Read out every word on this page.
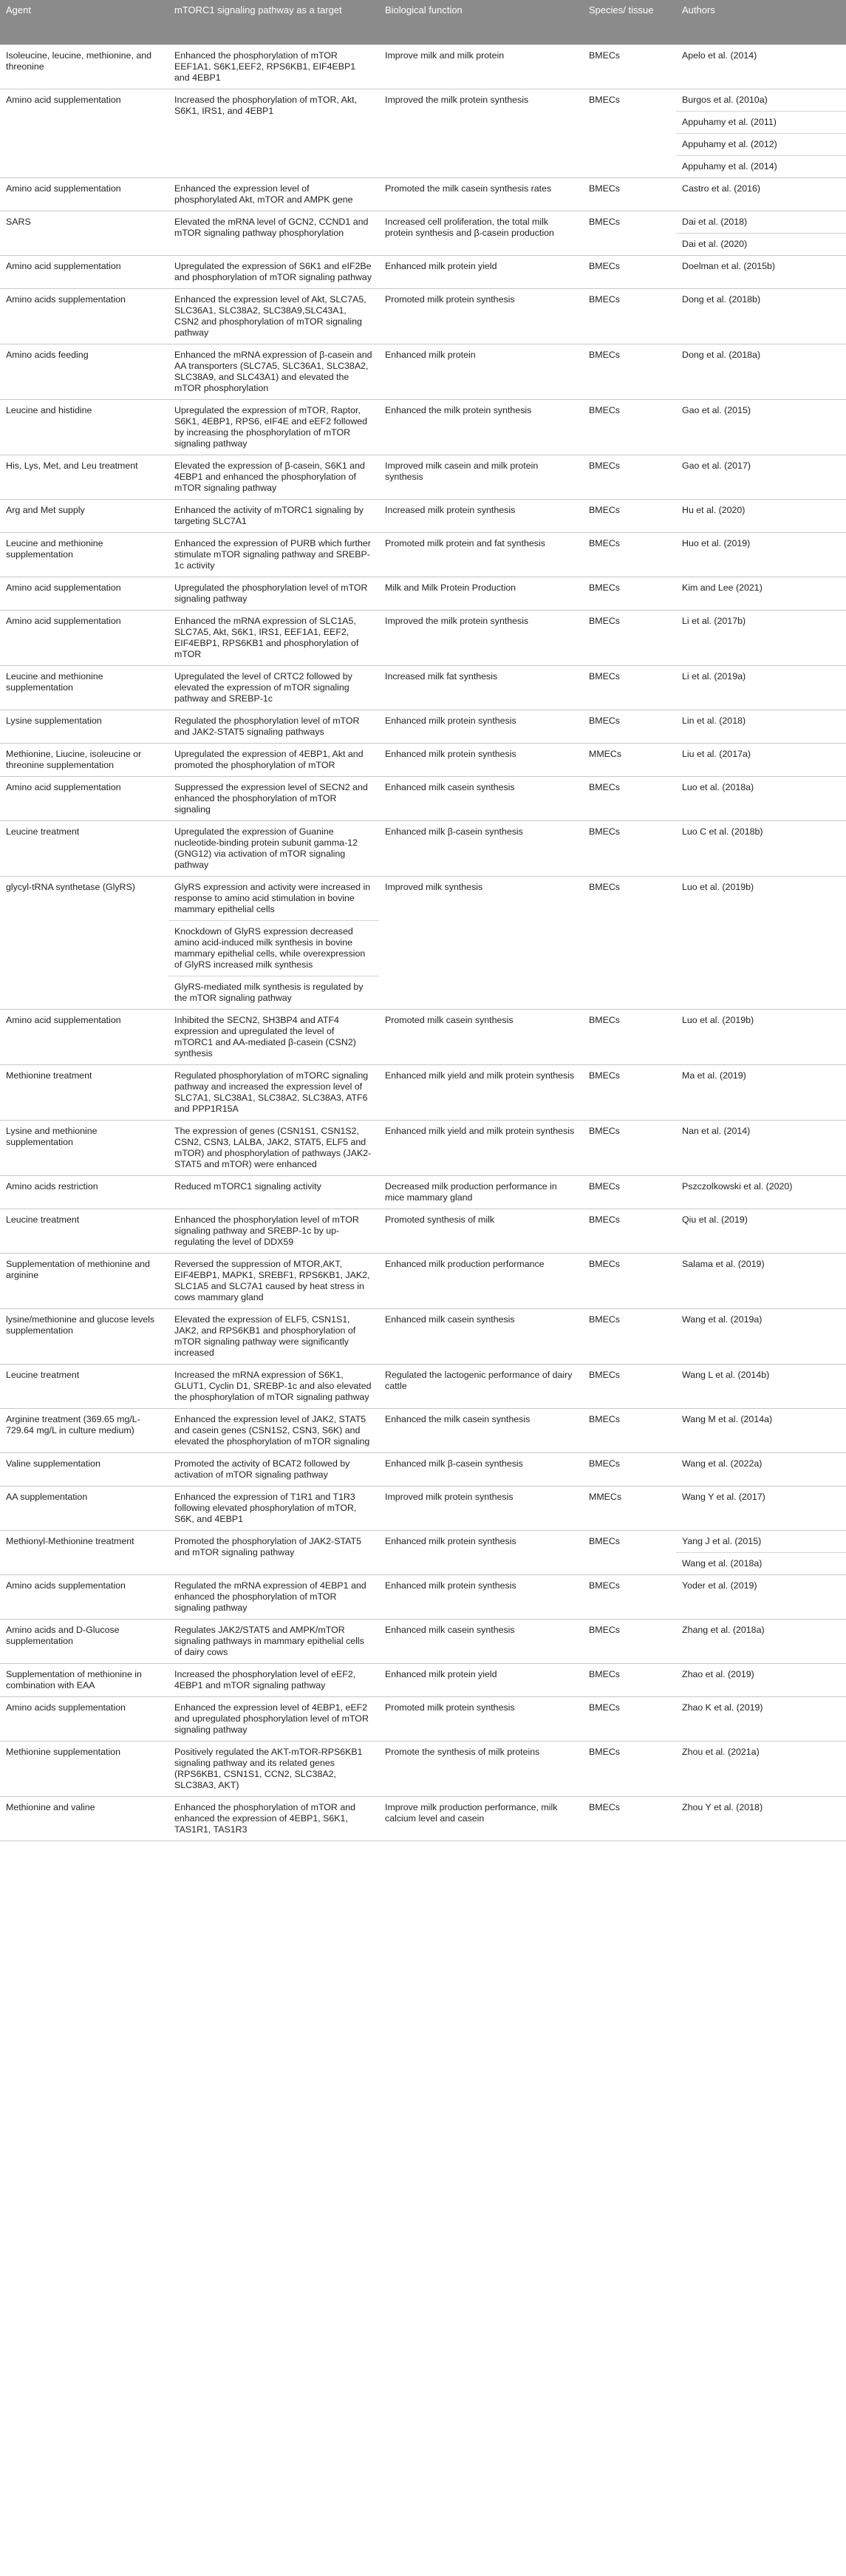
Agent	mTORC1 signaling pathway as a target	Biological function	Species/ tissue	Authors
Isoleucine, leucine, methionine, and threonine	Enhanced the phosphorylation of mTOR EEF1A1, S6K1,EEF2, RPS6KB1, EIF4EBP1 and 4EBP1	Improve milk and milk protein	BMECs	Apelo et al. (2014)
Amino acid supplementation	Increased the phosphorylation of mTOR, Akt, S6K1, IRS1, and 4EBP1	Improved the milk protein synthesis	BMECs	Burgos et al. (2010a)
				Appuhamy et al. (2011)
				Appuhamy et al. (2012)
				Appuhamy et al. (2014)
Amino acid supplementation	Enhanced the expression level of phosphorylated Akt, mTOR and AMPK gene	Promoted the milk casein synthesis rates	BMECs	Castro et al. (2016)
SARS	Elevated the mRNA level of GCN2, CCND1 and mTOR signaling pathway phosphorylation	Increased cell proliferation, the total milk protein synthesis and β-casein production	BMECs	Dai et al. (2018)
				Dai et al. (2020)
Amino acid supplementation	Upregulated the expression of S6K1 and eIF2Be and phosphorylation of mTOR signaling pathway	Enhanced milk protein yield	BMECs	Doelman et al. (2015b)
Amino acids supplementation	Enhanced the expression level of Akt, SLC7A5, SLC36A1, SLC38A2, SLC38A9,SLC43A1, CSN2 and phosphorylation of mTOR signaling pathway	Promoted milk protein synthesis	BMECs	Dong et al. (2018b)
Amino acids feeding	Enhanced the mRNA expression of β-casein and AA transporters (SLC7A5, SLC36A1, SLC38A2, SLC38A9, and SLC43A1) and elevated the mTOR phosphorylation	Enhanced milk protein	BMECs	Dong et al. (2018a)
Leucine and histidine	Upregulated the expression of mTOR, Raptor, S6K1, 4EBP1, RPS6, eIF4E and eEF2 followed by increasing the phosphorylation of mTOR signaling pathway	Enhanced the milk protein synthesis	BMECs	Gao et al. (2015)
His, Lys, Met, and Leu treatment	Elevated the expression of β-casein, S6K1 and 4EBP1 and enhanced the phosphorylation of mTOR signaling pathway	Improved milk casein and milk protein synthesis	BMECs	Gao et al. (2017)
Arg and Met supply	Enhanced the activity of mTORC1 signaling by targeting SLC7A1	Increased milk protein synthesis	BMECs	Hu et al. (2020)
Leucine and methionine supplementation	Enhanced the expression of PURB which further stimulate mTOR signaling pathway and SREBP-1c activity	Promoted milk protein and fat synthesis	BMECs	Huo et al. (2019)
Amino acid supplementation	Upregulated the phosphorylation level of mTOR signaling pathway	Milk and Milk Protein Production	BMECs	Kim and Lee (2021)
Amino acid supplementation	Enhanced the mRNA expression of SLC1A5, SLC7A5, Akt, S6K1, IRS1, EEF1A1, EEF2, EIF4EBP1, RPS6KB1 and phosphorylation of mTOR	Improved the milk protein synthesis	BMECs	Li et al. (2017b)
Leucine and methionine supplementation	Upregulated the level of CRTC2 followed by elevated the expression of mTOR signaling pathway and SREBP-1c	Increased milk fat synthesis	BMECs	Li et al. (2019a)
Lysine supplementation	Regulated the phosphorylation level of mTOR and JAK2-STAT5 signaling pathways	Enhanced milk protein synthesis	BMECs	Lin et al. (2018)
Methionine, Liucine, isoleucine or threonine supplementation	Upregulated the expression of 4EBP1, Akt and promoted the phosphorylation of mTOR	Enhanced milk protein synthesis	MMECs	Liu et al. (2017a)
Amino acid supplementation	Suppressed the expression level of SECN2 and enhanced the phosphorylation of mTOR signaling	Enhanced milk casein synthesis	BMECs	Luo et al. (2018a)
Leucine treatment	Upregulated the expression of Guanine nucleotide-binding protein subunit gamma-12 (GNG12) via activation of mTOR signaling pathway	Enhanced milk β-casein synthesis	BMECs	Luo C et al. (2018b)
glycyl-tRNA synthetase (GlyRS)	GlyRS expression and activity were increased in response to amino acid stimulation in bovine mammary epithelial cells	Improved milk synthesis	BMECs	Luo et al. (2019b)
	Knockdown of GlyRS expression decreased amino acid-induced milk synthesis in bovine mammary epithelial cells, while overexpression of GlyRS increased milk synthesis			
	GlyRS-mediated milk synthesis is regulated by the mTOR signaling pathway			
Amino acid supplementation	Inhibited the SECN2, SH3BP4 and ATF4 expression and upregulated the level of mTORC1 and AA-mediated β-casein (CSN2) synthesis	Promoted milk casein synthesis	BMECs	Luo et al. (2019b)
Methionine treatment	Regulated phosphorylation of mTORC signaling pathway and increased the expression level of SLC7A1, SLC38A1, SLC38A2, SLC38A3, ATF6 and PPP1R15A	Enhanced milk yield and milk protein synthesis	BMECs	Ma et al. (2019)
Lysine and methionine supplementation	The expression of genes (CSN1S1, CSN1S2, CSN2, CSN3, LALBA, JAK2, STAT5, ELF5 and mTOR) and phosphorylation of pathways (JAK2-STAT5 and mTOR) were enhanced	Enhanced milk yield and milk protein synthesis	BMECs	Nan et al. (2014)
Amino acids restriction	Reduced mTORC1 signaling activity	Decreased milk production performance in mice mammary gland	BMECs	Pszczolkowski et al. (2020)
Leucine treatment	Enhanced the phosphorylation level of mTOR signaling pathway and SREBP-1c by up-regulating the level of DDX59	Promoted synthesis of milk	BMECs	Qiu et al. (2019)
Supplementation of methionine and arginine	Reversed the suppression of MTOR,AKT, EIF4EBP1, MAPK1, SREBF1, RPS6KB1, JAK2, SLC1A5 and SLC7A1 caused by heat stress in cows mammary gland	Enhanced milk production performance	BMECs	Salama et al. (2019)
lysine/methionine and glucose levels supplementation	Elevated the expression of ELF5, CSN1S1, JAK2, and RPS6KB1 and phosphorylation of mTOR signaling pathway were significantly increased	Enhanced milk casein synthesis	BMECs	Wang et al. (2019a)
Leucine treatment	Increased the mRNA expression of S6K1, GLUT1, Cyclin D1, SREBP-1c and also elevated the phosphorylation of mTOR signaling pathway	Regulated the lactogenic performance of dairy cattle	BMECs	Wang L et al. (2014b)
Arginine treatment (369.65 mg/L-729.64 mg/L in culture medium)	Enhanced the expression level of JAK2, STAT5 and casein genes (CSN1S2, CSN3, S6K) and elevated the phosphorylation of mTOR signaling	Enhanced the milk casein synthesis	BMECs	Wang M et al. (2014a)
Valine supplementation	Promoted the activity of BCAT2 followed by activation of mTOR signaling pathway	Enhanced milk β-casein synthesis	BMECs	Wang et al. (2022a)
AA supplementation	Enhanced the expression of T1R1 and T1R3 following elevated phosphorylation of mTOR, S6K, and 4EBP1	Improved milk protein synthesis	MMECs	Wang Y et al. (2017)
Methionyl-Methionine treatment	Promoted the phosphorylation of JAK2-STAT5 and mTOR signaling pathway	Enhanced milk protein synthesis	BMECs	Yang J et al. (2015)
				Wang et al. (2018a)
Amino acids supplementation	Regulated the mRNA expression of 4EBP1 and enhanced the phosphorylation of mTOR signaling pathway	Enhanced milk protein synthesis	BMECs	Yoder et al. (2019)
Amino acids and D-Glucose supplementation	Regulates JAK2/STAT5 and AMPK/mTOR signaling pathways in mammary epithelial cells of dairy cows	Enhanced milk casein synthesis	BMECs	Zhang et al. (2018a)
Supplementation of methionine in combination with EAA	Increased the phosphorylation level of eEF2, 4EBP1 and mTOR signaling pathway	Enhanced milk protein yield	BMECs	Zhao et al. (2019)
Amino acids supplementation	Enhanced the expression level of 4EBP1, eEF2 and upregulated phosphorylation level of mTOR signaling pathway	Promoted milk protein synthesis	BMECs	Zhao K et al. (2019)
Methionine supplementation	Positively regulated the AKT-mTOR-RPS6KB1 signaling pathway and its related genes (RPS6KB1, CSN1S1, CCN2, SLC38A2, SLC38A3, AKT)	Promote the synthesis of milk proteins	BMECs	Zhou et al. (2021a)
Methionine and valine	Enhanced the phosphorylation of mTOR and enhanced the expression of 4EBP1, S6K1, TAS1R1, TAS1R3	Improve milk production performance, milk calcium level and casein	BMECs	Zhou Y et al. (2018)
